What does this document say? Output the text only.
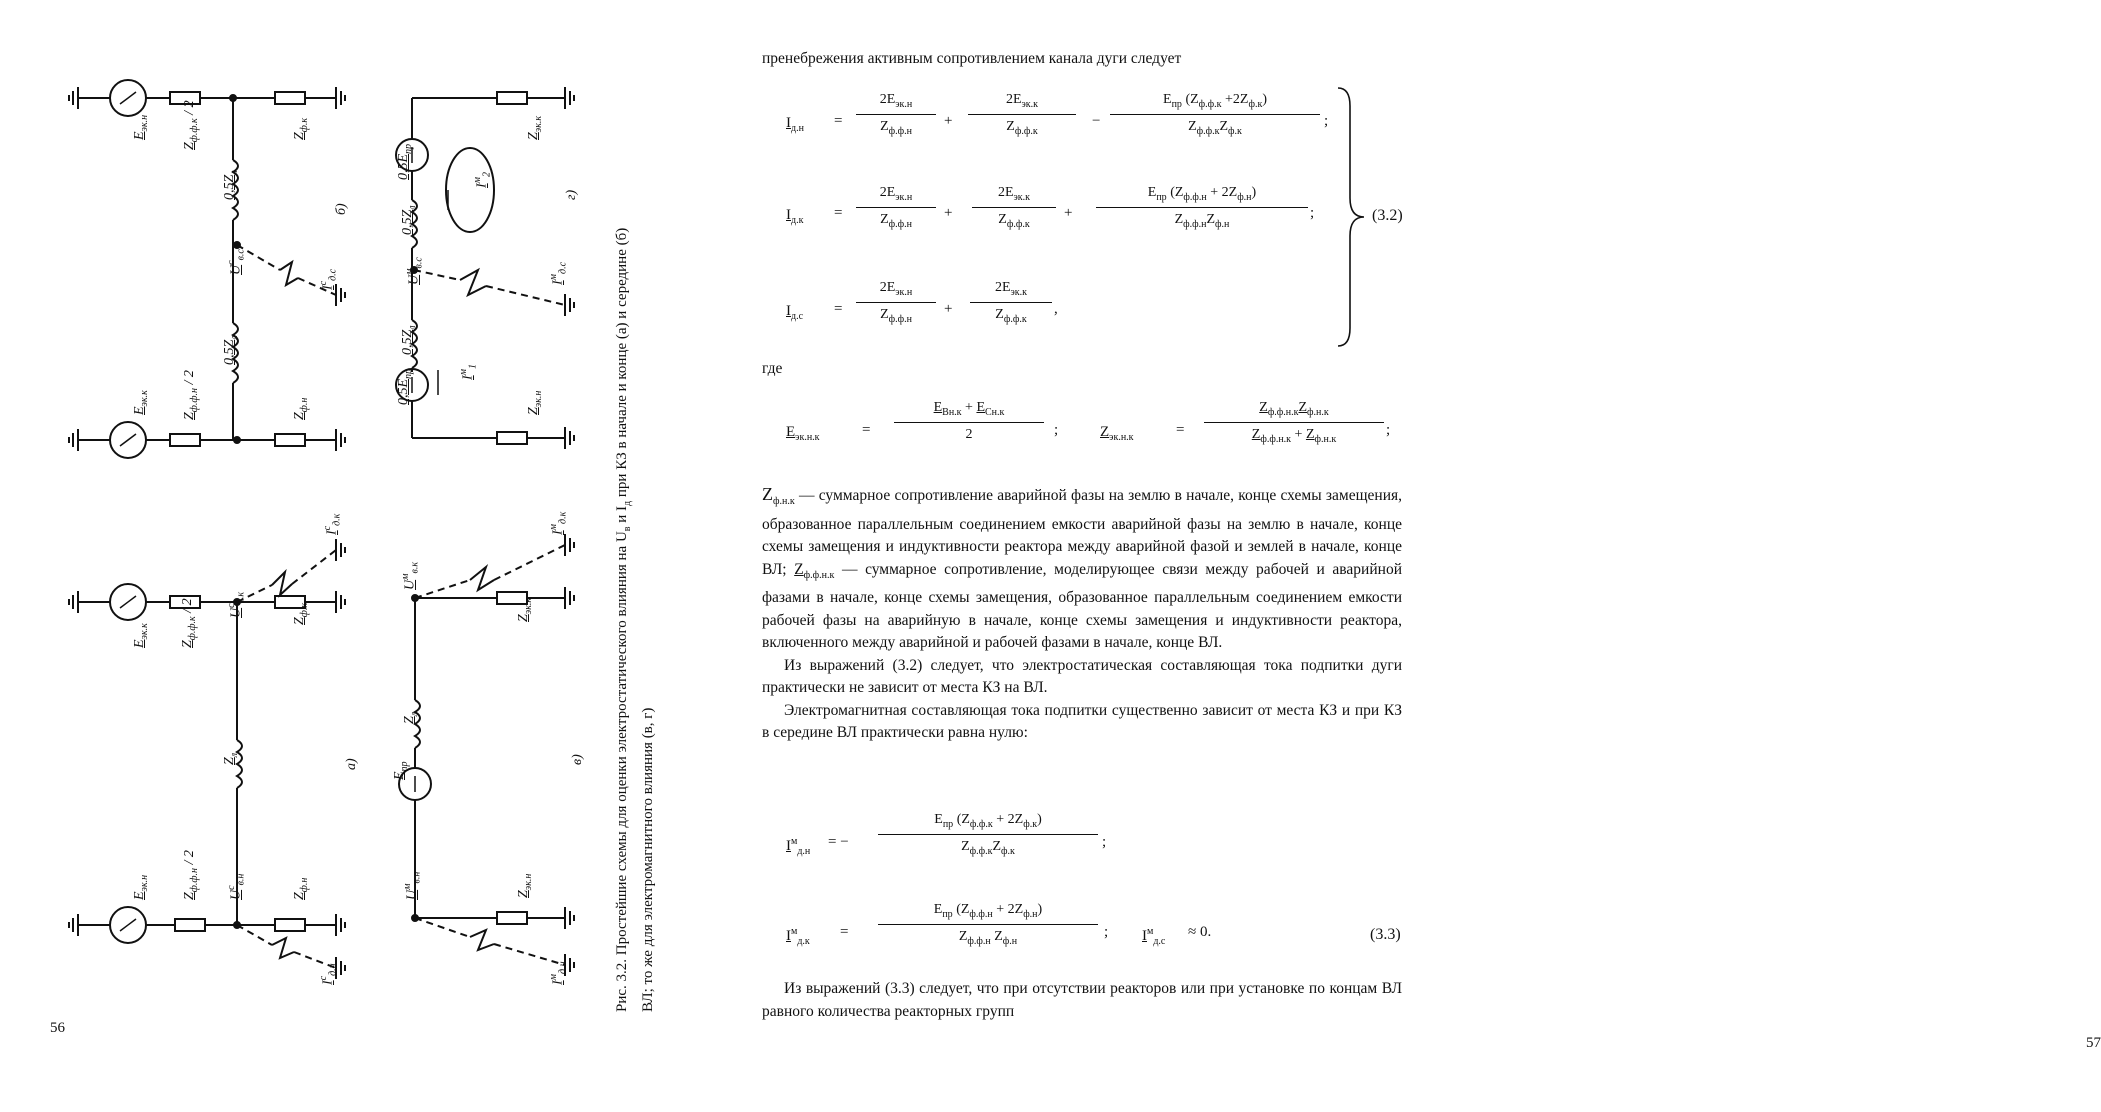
$E_{эк.н}$
$Z_{ф.ф.к} / 2$
$Z_{ф.к}$
$0,5Z_л$
$U^с_{в.с}$
$I^с_{д.с}$
$0,5Z_л$
$E_{эк.к}$
$Z_{ф.ф.н} / 2$
$Z_{ф.н}$
б)
$Z_{эк.к}$
$0,5E_{пр}$
$I^м_2$
$0,5Z_л$
$U^м_{в.с}$
$I^м_{д.с}$
$0,5Z_л$
$0,5E_{пр}$	$I^м_1$
$Z_{эк.н}$
г)
$E_{эк.к}$
$Z_{ф.ф.к} / 2$
$U^с_{в.к}$
$Z_{ф.к}$
$I^с_{д.к}$
$Z_л$
а)
$E_{эк.н}$
$Z_{ф.ф.н} / 2$
$U^с_{в.н}$
$Z_{ф.н}$
$I^с_{д.н}$
$U^м_{в.к}$
$Z_{эк.к}$
$I^м_{д.к}$
$Z_л$
$E_{пр}$
в)
$U^м_{в.н}$
$Z_{эк.н}$
$I^м_{д.н}$	Рис. 3.2. Простейшие схемы для оценки электростатического влияния на $U_в$ и $I_д$ при КЗ в начале и конце (а) и середине (б)

ВЛ; то же для электромагнитного влияния (в, г)

56
пренебрежения активным сопротивлением канала дуги следует
$I_{д.н}$ =
$2E_{эк.н}$
$Z_{ф.ф.н}$
+
$2E_{эк.к}$
$Z_{ф.ф.к}$
−
$E_{пр}$ $(Z_{ф.ф.к} +2Z_{ф.к})$
$Z_{ф.ф.к}Z_{ф.к}$
;
$I_{д.к}$ =
$2E_{эк.н}$
$Z_{ф.ф.н}$
+
$2E_{эк.к}$
$Z_{ф.ф.к}$
+
$E_{пр}$ $(Z_{ф.ф.н} + 2Z_{ф.н})$
$Z_{ф.ф.н}Z_{ф.н}$
;
$I_{д.с}$ =
$2E_{эк.н}$
$Z_{ф.ф.н}$
+
$2E_{эк.к}$
$Z_{ф.ф.к}$
,
(3.2)
где
$E_{эк.н.к}$	=
$E_{Bн.к} + E_{Cн.к}$
2	;	$Z_{эк.н.к}$	=
$Z_{ф.ф.н.к}Z_{ф.н.к}$
$Z_{ф.ф.н.к} + Z_{ф.н.к}$
;

$Z_{ф.н.к}$ — суммарное сопротивление аварийной фазы на землю в начале, конце схемы замещения, образованное параллельным соединением емкости аварийной фазы на землю в начале, конце схемы замещения и индуктивности реактора между аварийной фазой и землей в начале, конце ВЛ; $Z_{ф.ф.н.к}$ — суммарное сопротивление, моделирующее связи между рабочей и аварийной фазами в начале, конце схемы замещения, образованное параллельным соединением емкости рабочей фазы на аварийную в начале, конце схемы замещения и индуктивности реактора, включенного между аварийной и рабочей фазами в начале, конце ВЛ.

Из выражений (3.2) следует, что электростатическая составляющая тока подпитки дуги практически не зависит от места КЗ на ВЛ.

Электромагнитная составляющая тока подпитки существенно зависит от места КЗ и при КЗ в середине ВЛ практически равна нулю:

$I^м_{д.н}$
= −
$E_{пр}$ $(Z_{ф.ф.к} + 2Z_{ф.к})$
$Z_{ф.ф.к}Z_{ф.к}$
;
$I^м_{д.к}$
=
$E_{пр}$ $(Z_{ф.ф.н} + 2Z_{ф.н})$
$Z_{ф.ф.н}$ $Z_{ф.н}$
; $I^м_{д.с}$
≈ 0.	(3.3)

Из выражений (3.3) следует, что при отсутствии реакторов или при установке по концам ВЛ равного количества реакторных групп

57
